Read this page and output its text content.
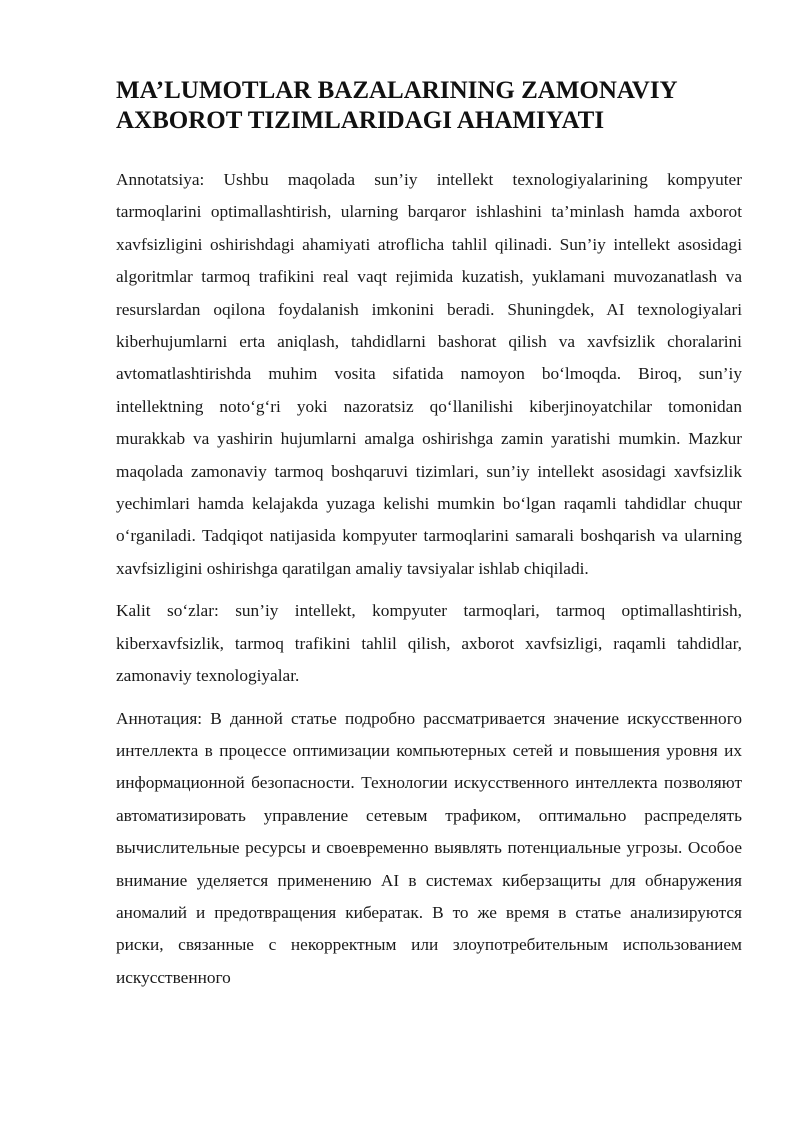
MA’LUMOTLAR BAZALARINING ZAMONAVIY AXBOROT TIZIMLARIDAGI AHAMIYATI

Annotatsiya: Ushbu maqolada sun’iy intellekt texnologiyalarining kompyuter tarmoqlarini optimallashtirish, ularning barqaror ishlashini ta’minlash hamda axborot xavfsizligini oshirishdagi ahamiyati atroflicha tahlil qilinadi. Sun’iy intellekt asosidagi algoritmlar tarmoq trafikini real vaqt rejimida kuzatish, yuklamani muvozanatlash va resurslardan oqilona foydalanish imkonini beradi. Shuningdek, AI texnologiyalari kiberhujumlarni erta aniqlash, tahdidlarni bashorat qilish va xavfsizlik choralarini avtomatlashtirishda muhim vosita sifatida namoyon bo‘lmoqda. Biroq, sun’iy intellektning noto‘g‘ri yoki nazoratsiz qo‘llanilishi kiberjinoyatchilar tomonidan murakkab va yashirin hujumlarni amalga oshirishga zamin yaratishi mumkin. Mazkur maqolada zamonaviy tarmoq boshqaruvi tizimlari, sun’iy intellekt asosidagi xavfsizlik yechimlari hamda kelajakda yuzaga kelishi mumkin bo‘lgan raqamli tahdidlar chuqur o‘rganiladi. Tadqiqot natijasida kompyuter tarmoqlarini samarali boshqarish va ularning xavfsizligini oshirishga qaratilgan amaliy tavsiyalar ishlab chiqiladi.

Kalit so‘zlar: sun’iy intellekt, kompyuter tarmoqlari, tarmoq optimallashtirish, kiberxavfsizlik, tarmoq trafikini tahlil qilish, axborot xavfsizligi, raqamli tahdidlar, zamonaviy texnologiyalar.

Аннотация: В данной статье подробно рассматривается значение искусственного интеллекта в процессе оптимизации компьютерных сетей и повышения уровня их информационной безопасности. Технологии искусственного интеллекта позволяют автоматизировать управление сетевым трафиком, оптимально распределять вычислительные ресурсы и своевременно выявлять потенциальные угрозы. Особое внимание уделяется применению AI в системах киберзащиты для обнаружения аномалий и предотвращения кибератак. В то же время в статье анализируются риски, связанные с некорректным или злоупотребительным использованием искусственного
